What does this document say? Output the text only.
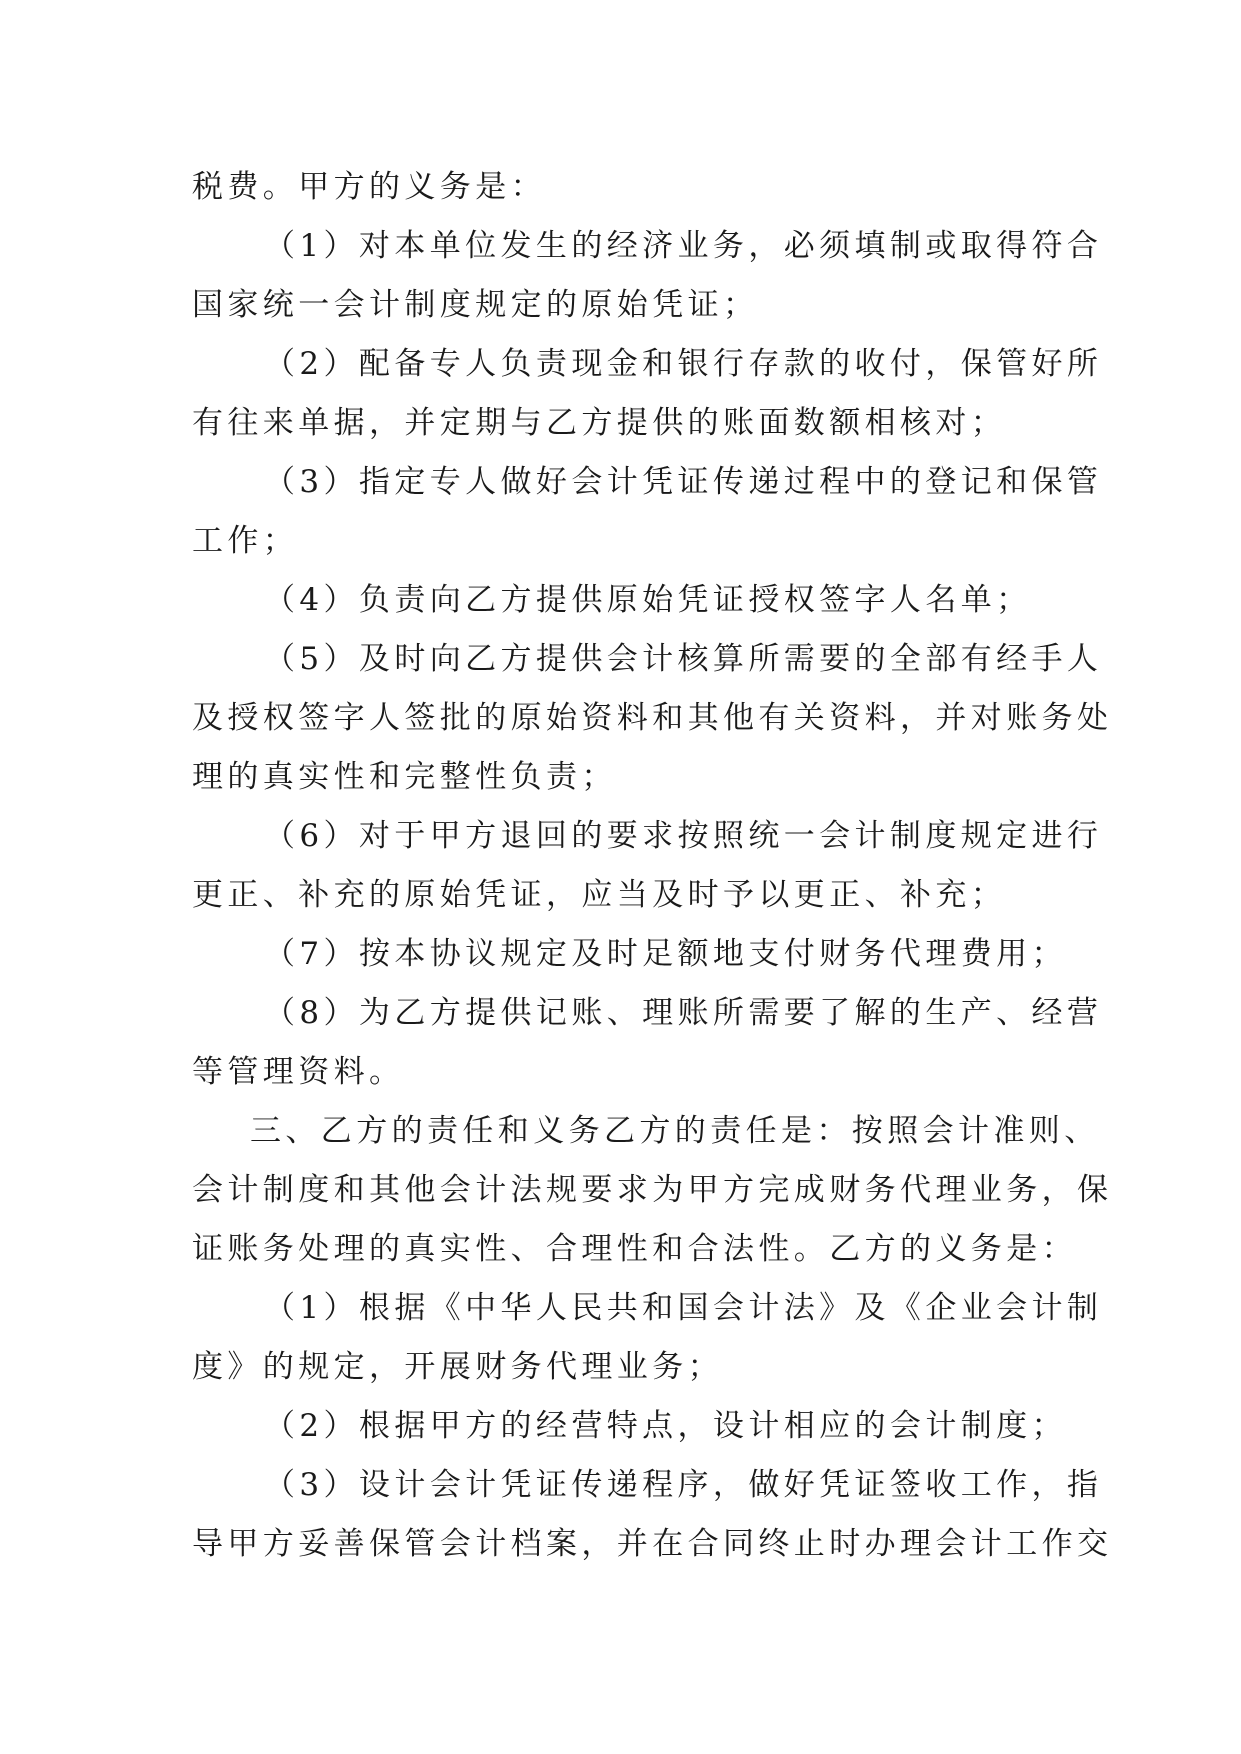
税费。甲方的义务是：
（1）对本单位发生的经济业务，必须填制或取得符合
国家统一会计制度规定的原始凭证；
（2）配备专人负责现金和银行存款的收付，保管好所
有往来单据，并定期与乙方提供的账面数额相核对；
（3）指定专人做好会计凭证传递过程中的登记和保管
工作；
（4）负责向乙方提供原始凭证授权签字人名单；
（5）及时向乙方提供会计核算所需要的全部有经手人
及授权签字人签批的原始资料和其他有关资料，并对账务处
理的真实性和完整性负责；
（6）对于甲方退回的要求按照统一会计制度规定进行
更正、补充的原始凭证，应当及时予以更正、补充；
（7）按本协议规定及时足额地支付财务代理费用；
（8）为乙方提供记账、理账所需要了解的生产、经营
等管理资料。
三、乙方的责任和义务乙方的责任是：按照会计准则、
会计制度和其他会计法规要求为甲方完成财务代理业务，保
证账务处理的真实性、合理性和合法性。乙方的义务是：
（1）根据《中华人民共和国会计法》及《企业会计制
度》的规定，开展财务代理业务；
（2）根据甲方的经营特点，设计相应的会计制度；
（3）设计会计凭证传递程序，做好凭证签收工作，指
导甲方妥善保管会计档案，并在合同终止时办理会计工作交
